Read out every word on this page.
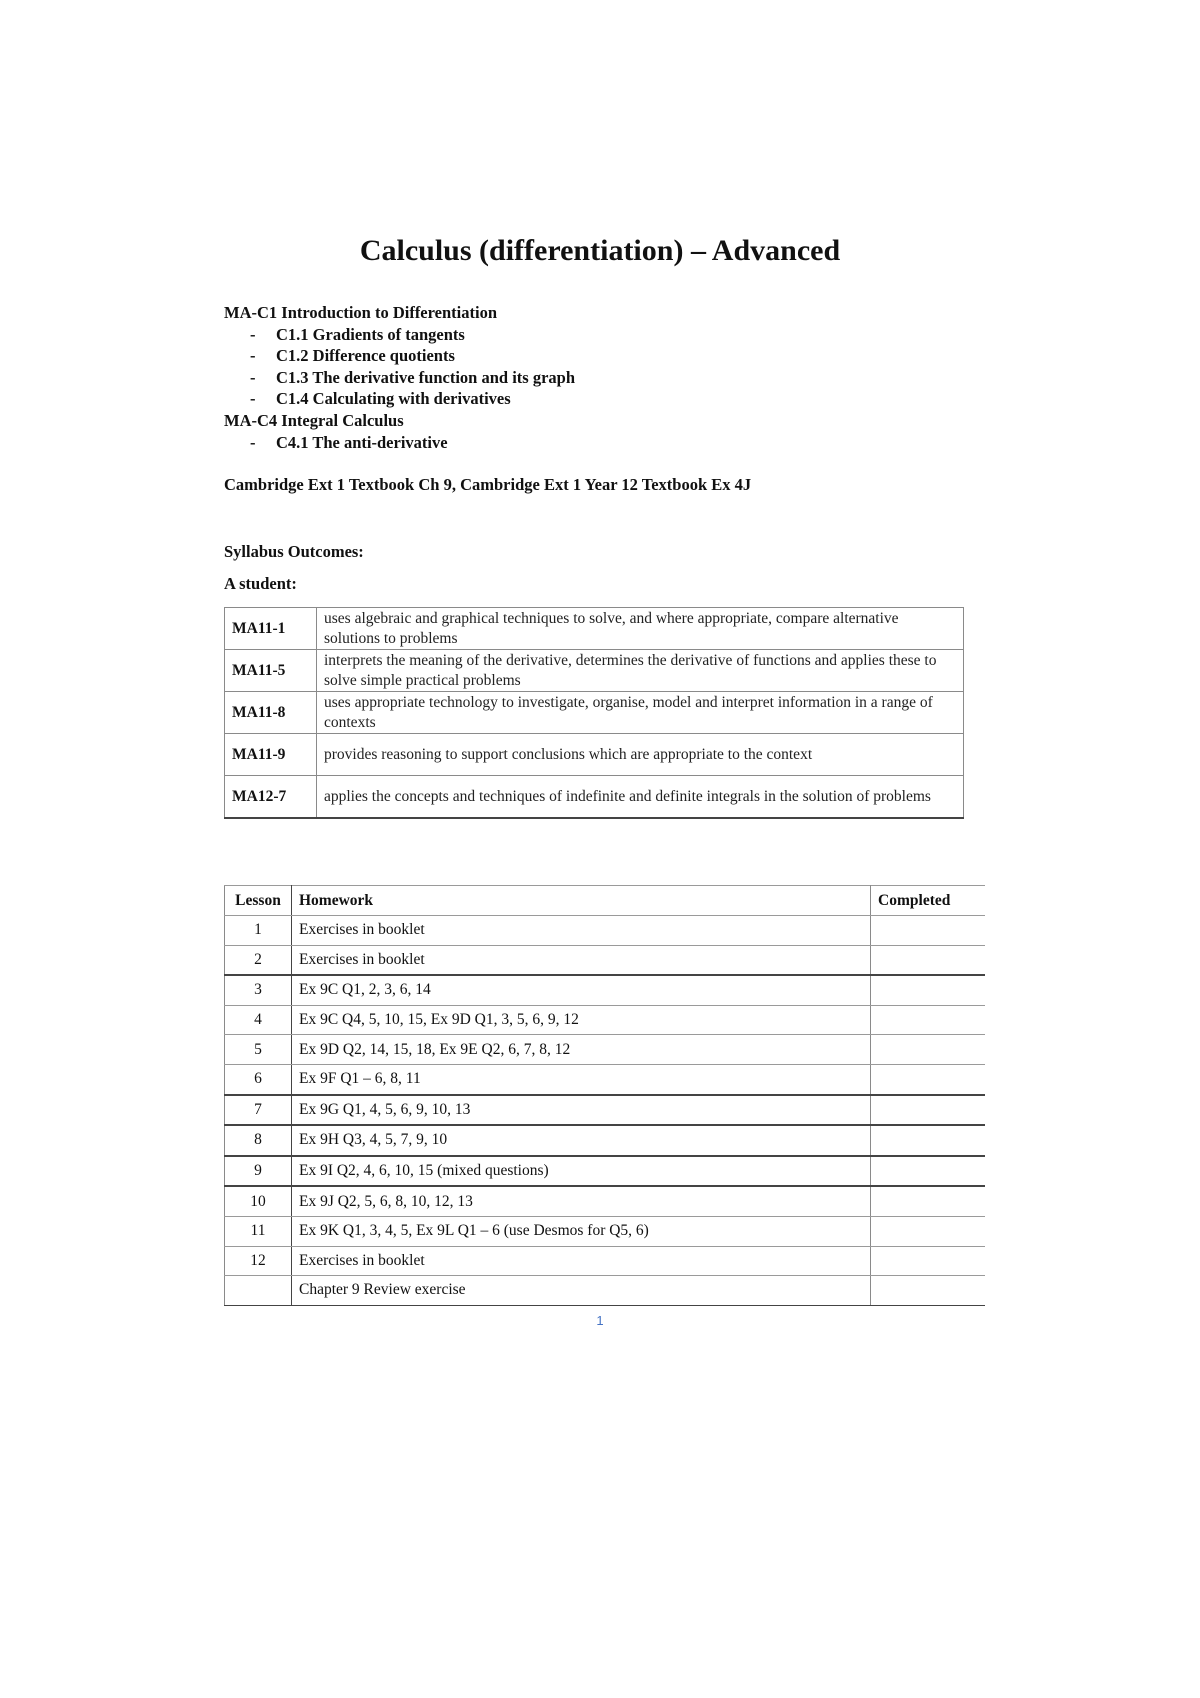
Calculus (differentiation) – Advanced
MA-C1 Introduction to Differentiation
- C1.1 Gradients of tangents
- C1.2 Difference quotients
- C1.3 The derivative function and its graph
- C1.4 Calculating with derivatives
MA-C4 Integral Calculus
- C4.1 The anti-derivative
Cambridge Ext 1 Textbook Ch 9, Cambridge Ext 1 Year 12 Textbook Ex 4J
Syllabus Outcomes:
A student:
MA11-1	uses algebraic and graphical techniques to solve, and where appropriate, compare alternative solutions to problems
MA11-5	interprets the meaning of the derivative, determines the derivative of functions and applies these to solve simple practical problems
MA11-8	uses appropriate technology to investigate, organise, model and interpret information in a range of contexts
MA11-9	provides reasoning to support conclusions which are appropriate to the context
MA12-7	applies the concepts and techniques of indefinite and definite integrals in the solution of problems
Lesson	Homework	Completed
1	Exercises in booklet	
2	Exercises in booklet	
3	Ex 9C Q1, 2, 3, 6, 14	
4	Ex 9C Q4, 5, 10, 15, Ex 9D Q1, 3, 5, 6, 9, 12	
5	Ex 9D Q2, 14, 15, 18, Ex 9E Q2, 6, 7, 8, 12	
6	Ex 9F Q1 – 6, 8, 11	
7	Ex 9G Q1, 4, 5, 6, 9, 10, 13	
8	Ex 9H Q3, 4, 5, 7, 9, 10	
9	Ex 9I Q2, 4, 6, 10, 15 (mixed questions)	
10	Ex 9J Q2, 5, 6, 8, 10, 12, 13	
11	Ex 9K Q1, 3, 4, 5, Ex 9L Q1 – 6 (use Desmos for Q5, 6)	
12	Exercises in booklet	
	Chapter 9 Review exercise	
1
